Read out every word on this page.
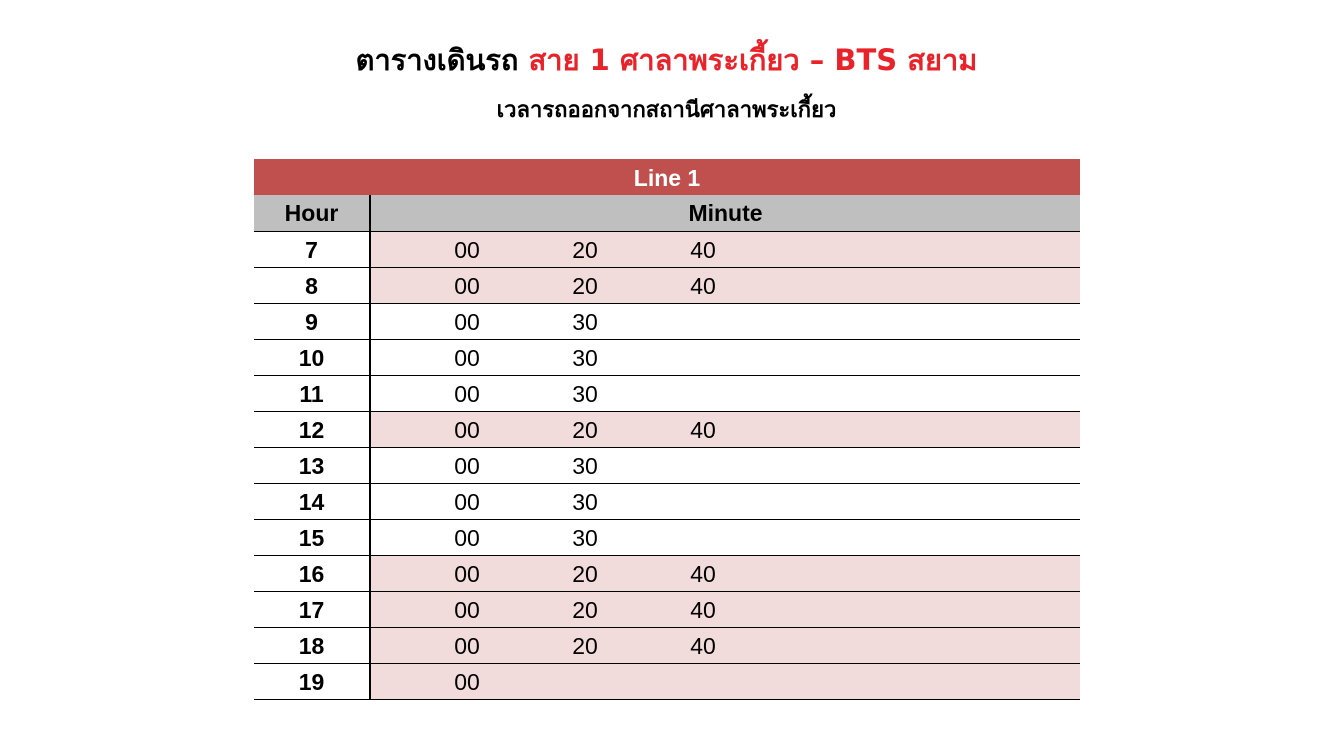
ตารางเดินรถ สาย 1 ศาลาพระเกี้ยว – BTS สยาม
เวลารถออกจากสถานีศาลาพระเกี้ยว
Line 1
Hour	Minute
7	00	20	40
8	00	20	40
9	00	30
10	00	30
11	00	30
12	00	20	40
13	00	30
14	00	30
15	00	30
16	00	20	40
17	00	20	40
18	00	20	40
19	00
